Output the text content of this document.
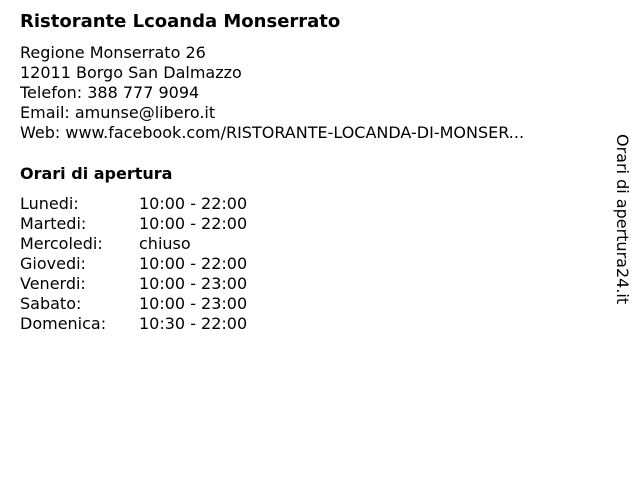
Ristorante Lcoanda Monserrato
Regione Monserrato 26
12011 Borgo San Dalmazzo
Telefon: 388 777 9094
Email: amunse@libero.it
Web: www.facebook.com/RISTORANTE-LOCANDA-DI-MONSER...
Orari di apertura
Lunedi:	10:00 - 22:00
Martedi:	10:00 - 22:00
Mercoledi: chiuso
Giovedi:	10:00 - 22:00
Venerdi:	10:00 - 23:00
Sabato:	10:00 - 23:00
Domenica: 10:30 - 22:00
Orari di apertura24.it
